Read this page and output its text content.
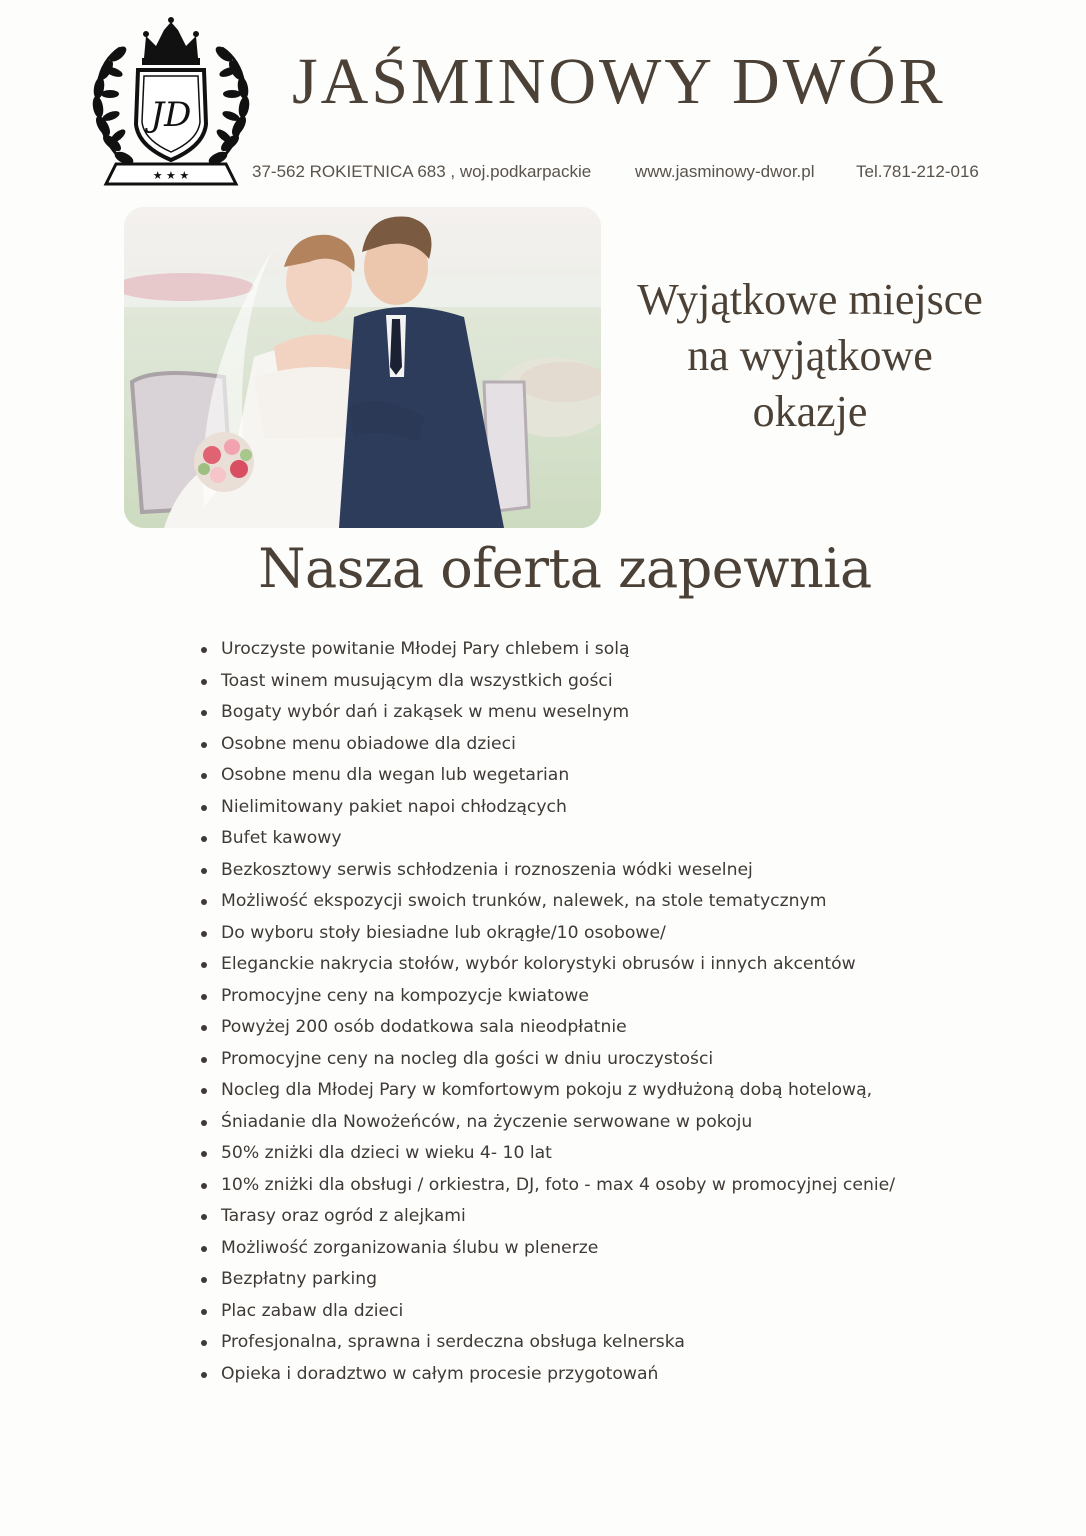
JD
★ ★ ★
JAŚMINOWY DWÓR
37-562 ROKIETNICA 683 , woj.podkarpackie	www.jasminowy-dwor.pl	Tel.781-212-016

Wyjątkowe miejsce
na wyjątkowe
okazje

Nasza oferta zapewnia
Uroczyste powitanie Młodej Pary chlebem i solą
Toast winem musującym dla wszystkich gości
Bogaty wybór dań i zakąsek w menu weselnym
Osobne menu obiadowe dla dzieci
Osobne menu dla wegan lub wegetarian
Nielimitowany pakiet napoi chłodzących
Bufet kawowy
Bezkosztowy serwis schłodzenia i roznoszenia wódki weselnej
Możliwość ekspozycji swoich trunków, nalewek, na stole tematycznym
Do wyboru stoły biesiadne lub okrągłe/10 osobowe/
Eleganckie nakrycia stołów, wybór kolorystyki obrusów i innych akcentów
Promocyjne ceny na kompozycje kwiatowe
Powyżej 200 osób dodatkowa sala nieodpłatnie
Promocyjne ceny na nocleg dla gości w dniu uroczystości
Nocleg dla Młodej Pary w komfortowym pokoju z wydłużoną dobą hotelową,
Śniadanie dla Nowożeńców, na życzenie serwowane w pokoju
50% zniżki dla dzieci w wieku 4- 10 lat
10% zniżki dla obsługi / orkiestra, DJ, foto - max 4 osoby w promocyjnej cenie/
Tarasy oraz ogród z alejkami
Możliwość zorganizowania ślubu w plenerze
Bezpłatny parking
Plac zabaw dla dzieci
Profesjonalna, sprawna i serdeczna obsługa kelnerska
Opieka i doradztwo w całym procesie przygotowań
